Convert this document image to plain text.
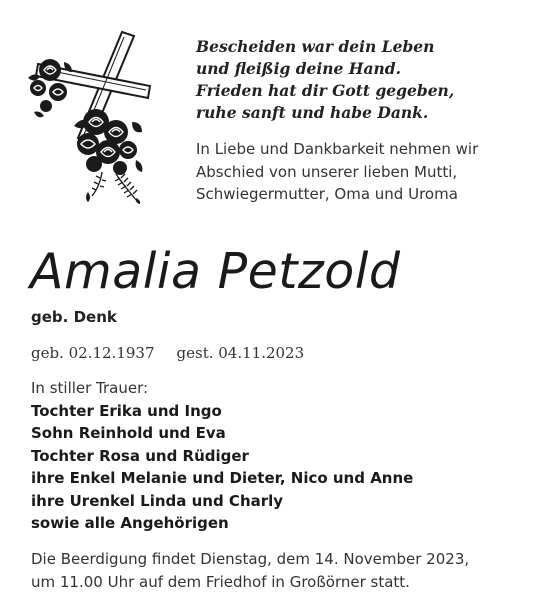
Bescheiden war dein Leben
und fleißig deine Hand.
Frieden hat dir Gott gegeben,
ruhe sanft und habe Dank.
In Liebe und Dankbarkeit nehmen wir
Abschied von unserer lieben Mutti,
Schwiegermutter, Oma und Uroma
Amalia Petzold
geb. Denk
geb. 02.12.1937 gest. 04.11.2023
In stiller Trauer:
Tochter Erika und Ingo
Sohn Reinhold und Eva
Tochter Rosa und Rüdiger
ihre Enkel Melanie und Dieter, Nico und Anne
ihre Urenkel Linda und Charly
sowie alle Angehörigen
Die Beerdigung findet Dienstag, dem 14. November 2023,
um 11.00 Uhr auf dem Friedhof in Großörner statt.
